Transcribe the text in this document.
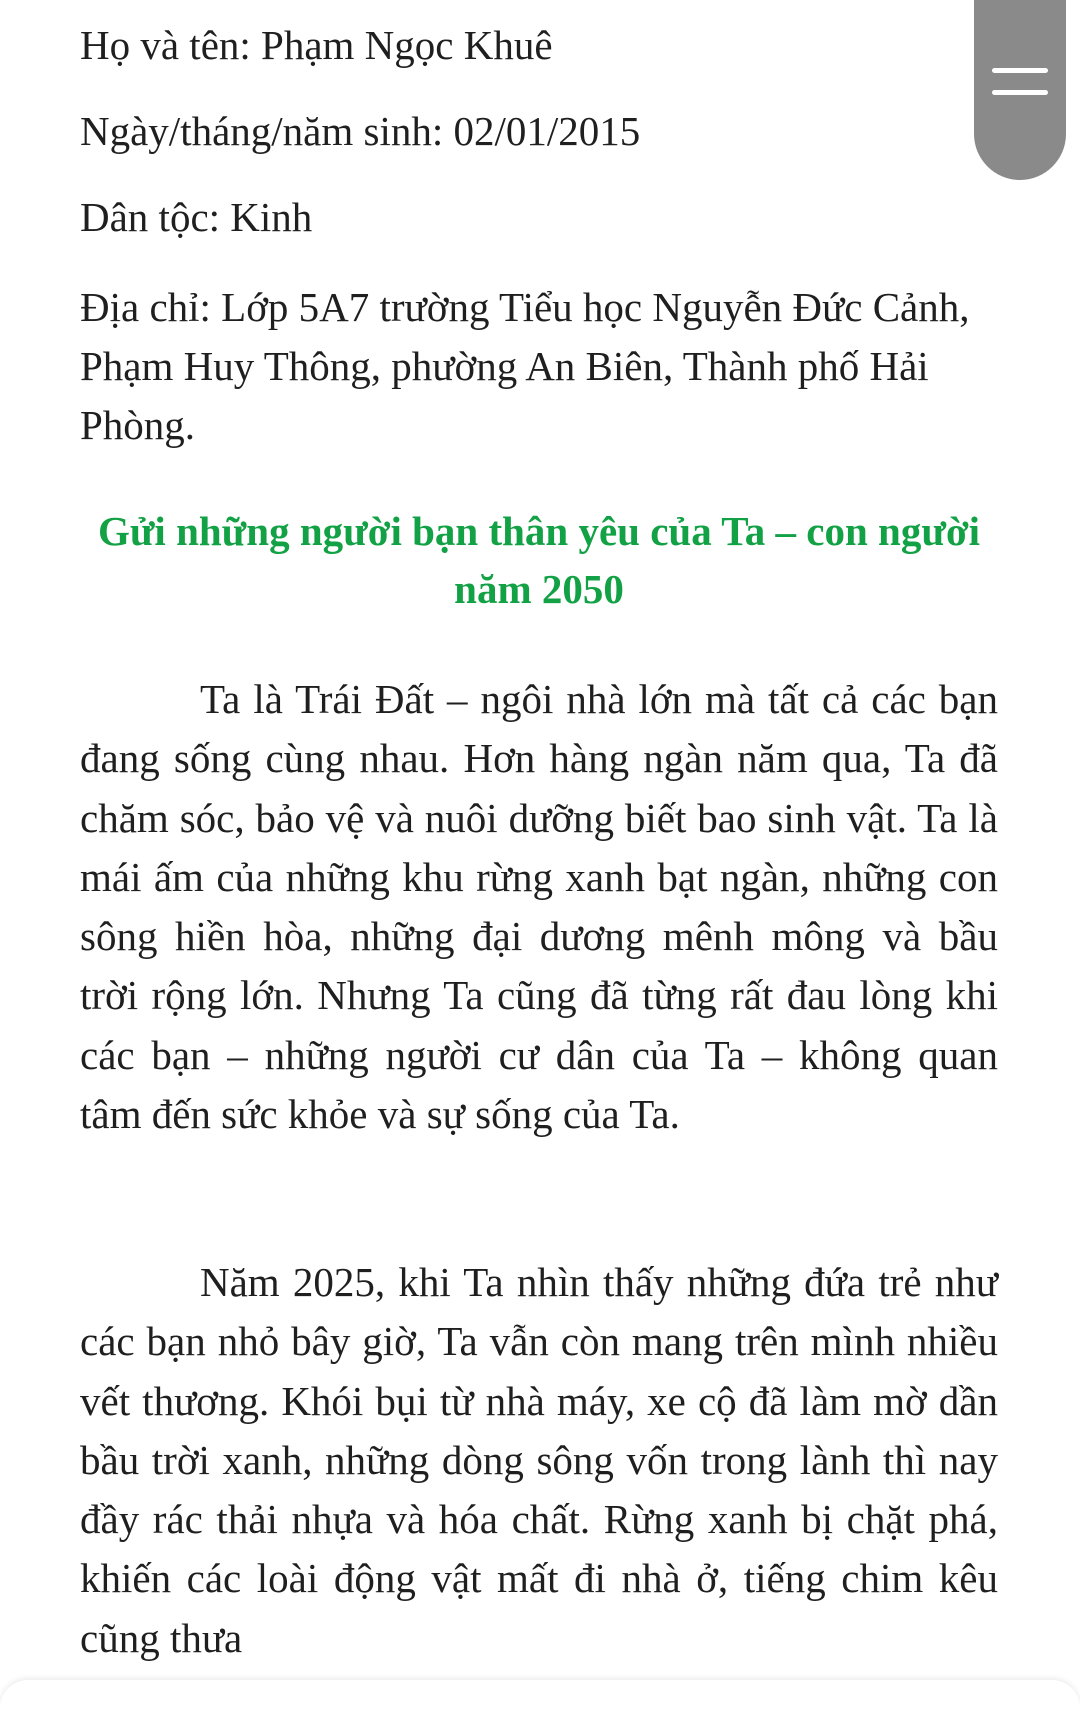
Họ và tên: Phạm Ngọc Khuê

Ngày/tháng/năm sinh: 02/01/2015

Dân tộc: Kinh

Địa chỉ: Lớp 5A7 trường Tiểu học Nguyễn Đức Cảnh, Phạm Huy Thông, phường An Biên, Thành phố Hải Phòng.

Gửi những người bạn thân yêu của Ta – con người năm 2050

Ta là Trái Đất – ngôi nhà lớn mà tất cả các bạn đang sống cùng nhau. Hơn hàng ngàn năm qua, Ta đã chăm sóc, bảo vệ và nuôi dưỡng biết bao sinh vật. Ta là mái ấm của những khu rừng xanh bạt ngàn, những con sông hiền hòa, những đại dương mênh mông và bầu trời rộng lớn. Nhưng Ta cũng đã từng rất đau lòng khi các bạn – những người cư dân của Ta – không quan tâm đến sức khỏe và sự sống của Ta.

Năm 2025, khi Ta nhìn thấy những đứa trẻ như các bạn nhỏ bây giờ, Ta vẫn còn mang trên mình nhiều vết thương. Khói bụi từ nhà máy, xe cộ đã làm mờ dần bầu trời xanh, những dòng sông vốn trong lành thì nay đầy rác thải nhựa và hóa chất. Rừng xanh bị chặt phá, khiến các loài động vật mất đi nhà ở, tiếng chim kêu cũng thưa
